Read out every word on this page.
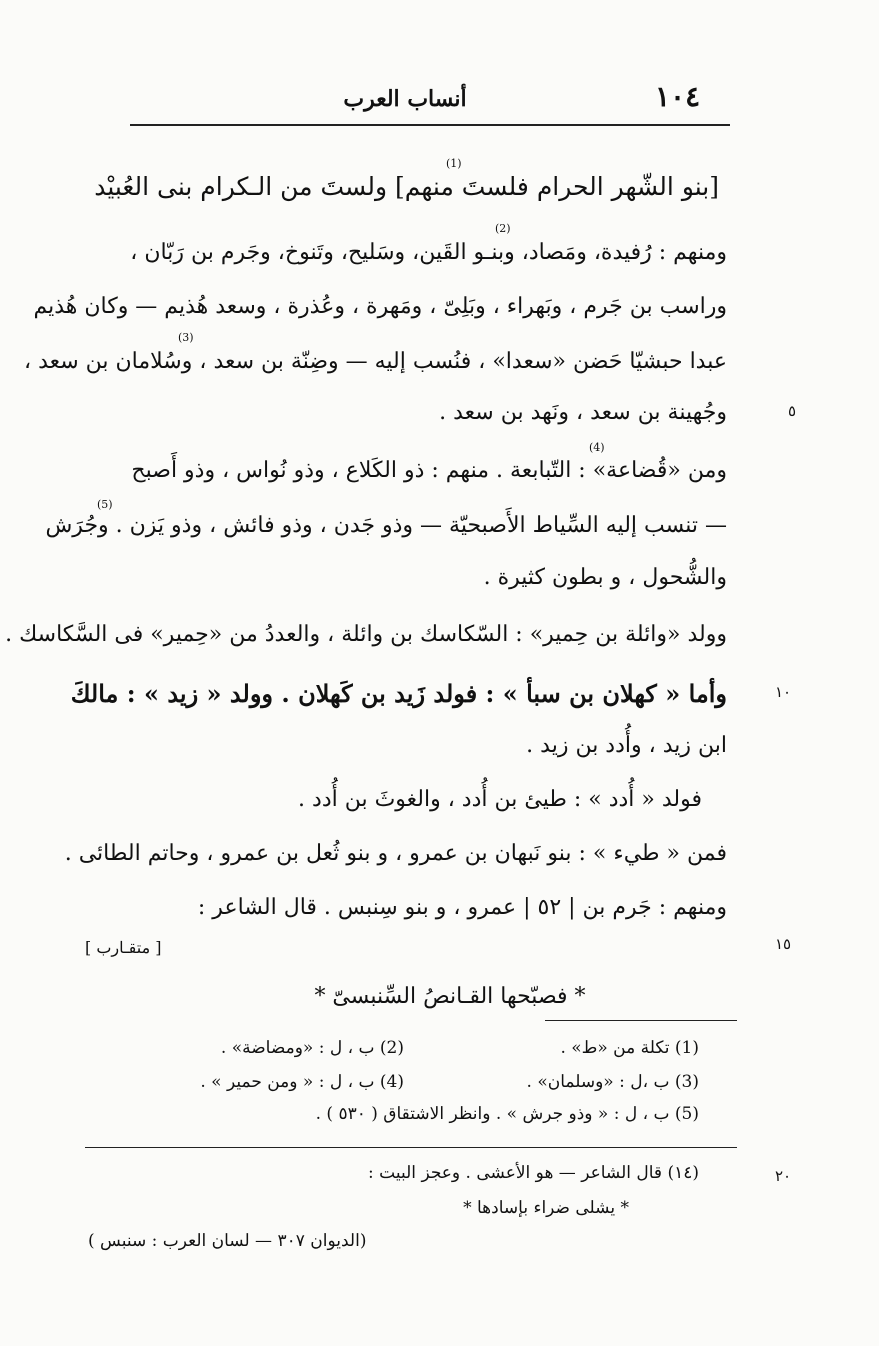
١٠٤
أنساب العرب
[بنو الشّهر الحرام فلستَ منهم] ولستَ من الـكرام بنى العُبيْد
ومنهم : رُفيدة، ومَصاد، وبنـو القَين، وسَليح، وتَنوخ، وجَرم بن رَبّان ،
وراسب بن جَرم ، وبَهراء ، وبَلِىّ ، ومَهرة ، وعُذرة ، وسعد هُذيم — وكان هُذيم
عبدا حبشيّا حَضن «سعدا» ، فنُسب إليه — وضِنّة بن سعد ، وسُلامان بن سعد ،
وجُهينة بن سعد ، ونَهد بن سعد .
ومن «قُضاعة» : التّبابعة . منهم : ذو الكَلاع ، وذو نُواس ، وذو أَصبح
— تنسب إليه السِّياط الأَصبحيّة — وذو جَدن ، وذو فائش ، وذو يَزن . وجُرَش
والشُّحول ، و بطون كثيرة .
وولد «وائلة بن حِمير» : السّكاسك بن وائلة ، والعددُ من «حِمير» فى السَّكاسك .
وأما « كهلان بن سبأ » : فولد زَيد بن كَهلان . وولد « زيد » : مالكَ
ابن زيد ، وأُدد بن زيد .
فولد « أُدد » : طيئ بن أُدد ، والغوثَ بن أُدد .
فمن « طيء » : بنو نَبهان بن عمرو ، و بنو ثُعل بن عمرو ، وحاتم الطائى .
ومنهم : جَرم بن | ٥٢ | عمرو ، و بنو سِنبس . قال الشاعر :
[ متقـارب ]
* فصبّحها القـانصُ السِّنبسىّ *
(1)
(2)
(3)
(4)
(5)
٥
١٠
١٥
٢٠
(1) تكلة من «ط» .
(2) ب ، ل : «ومضاضة» .
(3) ب ،ل : «وسلمان» .
(4) ب ، ل : « ومن حمير » .
(5) ب ، ل : « وذو جرش » . وانظر الاشتقاق ( ٥٣٠ ) .
(١٤) قال الشاعر — هو الأعشى . وعجز البيت :
* يشلى ضراء بإسادها *
(الديوان ٣٠٧ — لسان العرب : سنبس )
